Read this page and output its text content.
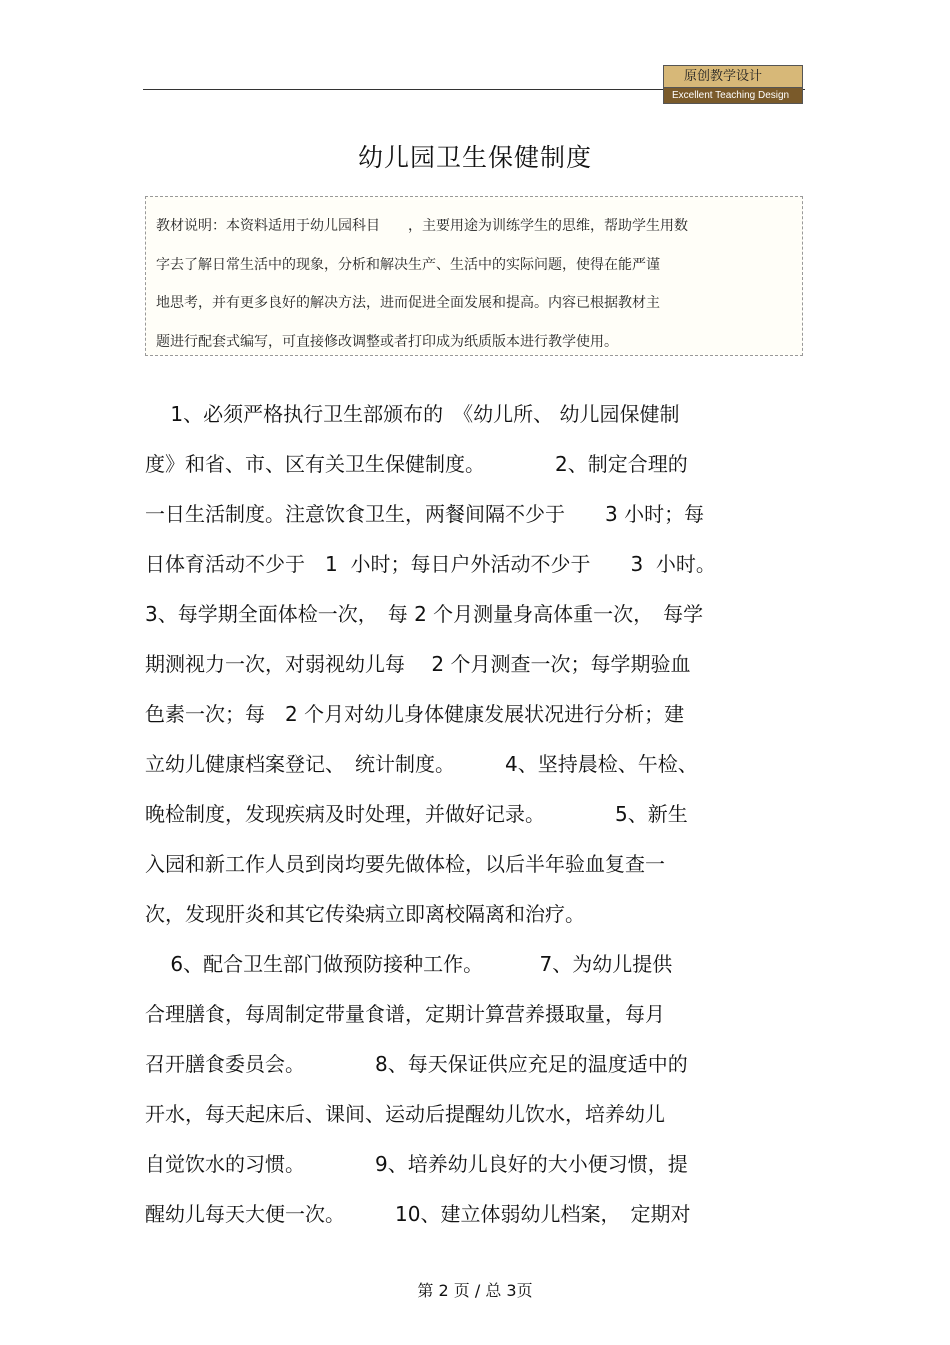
原创教学设计
Excellent Teaching Design
幼儿园卫生保健制度
教材说明：本资料适用于幼儿园科目　　，主要用途为训练学生的思维，帮助学生用数
字去了解日常生活中的现象，分析和解决生产、生活中的实际问题，使得在能严谨
地思考，并有更多良好的解决方法，进而促进全面发展和提高。内容已根据教材主
题进行配套式编写，可直接修改调整或者打印成为纸质版本进行教学使用。
1、必须严格执行卫生部颁布的　《幼儿所、 幼儿园保健制
度》和省、市、区有关卫生保健制度。　　　　2、制定合理的
一日生活制度。注意饮食卫生，两餐间隔不少于　　3 小时；每
日体育活动不少于　1  小时；每日户外活动不少于　　3  小时。
3、每学期全面体检一次，　每 2 个月测量身高体重一次，　每学
期测视力一次，对弱视幼儿每　 2 个月测查一次；每学期验血
色素一次；每　2 个月对幼儿身体健康发展状况进行分析；建
立幼儿健康档案登记、　统计制度。　　　4、坚持晨检、午检、
晚检制度，发现疾病及时处理，并做好记录。　　　　5、新生
入园和新工作人员到岗均要先做体检，以后半年验血复查一
次，发现肝炎和其它传染病立即离校隔离和治疗。
6、配合卫生部门做预防接种工作。　　　 7、为幼儿提供
合理膳食，每周制定带量食谱，定期计算营养摄取量，每月
召开膳食委员会。　　　　8、每天保证供应充足的温度适中的
开水，每天起床后、课间、运动后提醒幼儿饮水，培养幼儿
自觉饮水的习惯。　　　　9、培养幼儿良好的大小便习惯，提
醒幼儿每天大便一次。　　　10、建立体弱幼儿档案，　定期对
第 2 页 / 总 3页
